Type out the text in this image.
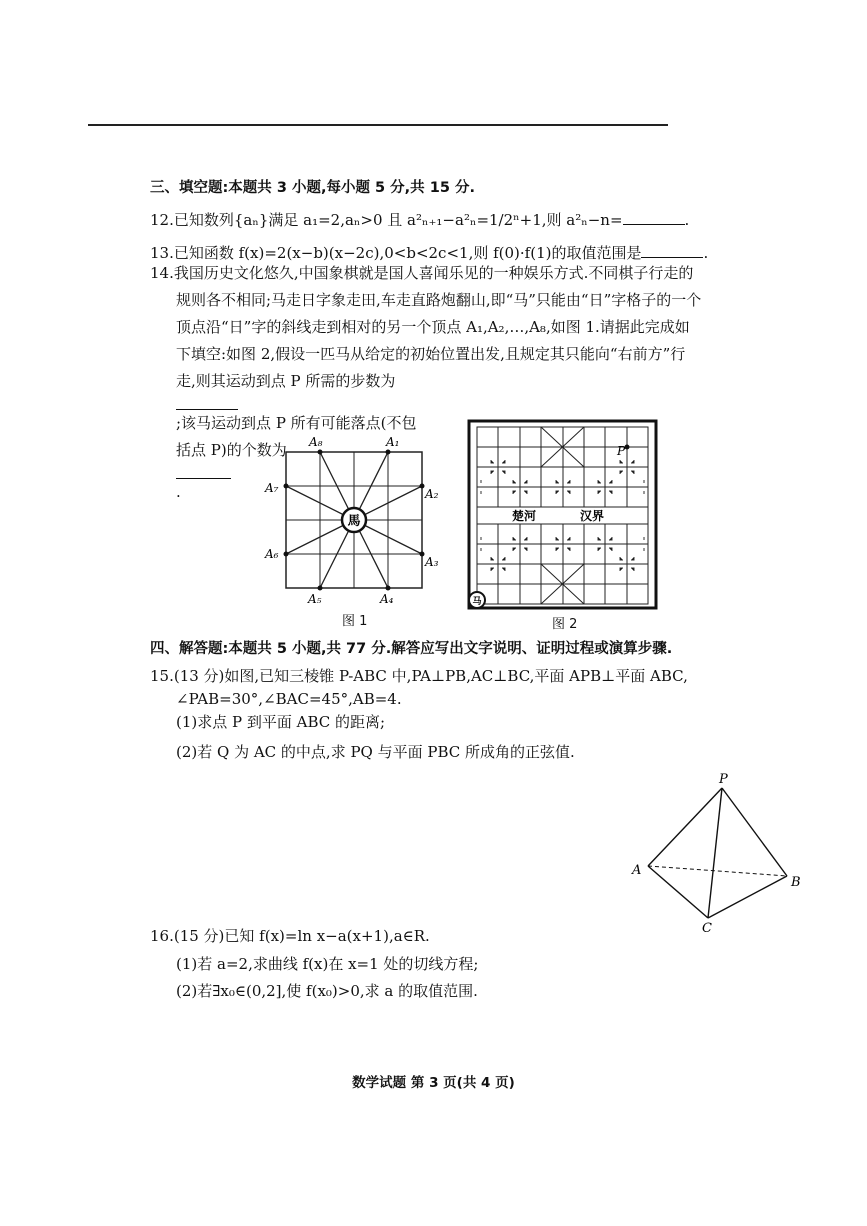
三、填空题:本题共 3 小题,每小题 5 分,共 15 分.
12.已知数列{aₙ}满足 a₁=2,aₙ>0 且 a²ₙ₊₁−a²ₙ=1/2ⁿ+1,则 a²ₙ−n=	.
13.已知函数 f(x)=2(x−b)(x−2c),0<b<2c<1,则 f(0)·f(1)的取值范围是	.
14.我国历史文化悠久,中国象棋就是国人喜闻乐见的一种娱乐方式.不同棋子行走的
规则各不相同;马走日字象走田,车走直路炮翻山,即“马”只能由“日”字格子的一个
顶点沿“日”字的斜线走到相对的另一个顶点 A₁,A₂,…,A₈,如图 1.请据此完成如
下填空:如图 2,假设一匹马从给定的初始位置出发,且规定其只能向“右前方”行
走,则其运动到点 P 所需的步数为
;该马运动到点 P 所有可能落点(不包
括点 P)的个数为
.
馬
A₁
A₂
A₃
A₄
A₅
A₆
A₇
A₈
图 1
楚河	汉界
P
马
图 2
四、解答题:本题共 5 小题,共 77 分.解答应写出文字说明、证明过程或演算步骤.
15.(13 分)如图,已知三棱锥 P-ABC 中,PA⊥PB,AC⊥BC,平面 APB⊥平面 ABC,
∠PAB=30°,∠BAC=45°,AB=4.
(1)求点 P 到平面 ABC 的距离;
(2)若 Q 为 AC 的中点,求 PQ 与平面 PBC 所成角的正弦值.
P
A
B
C
16.(15 分)已知 f(x)=ln x−a(x+1),a∈R.
(1)若 a=2,求曲线 f(x)在 x=1 处的切线方程;
(2)若∃x₀∈(0,2],使 f(x₀)>0,求 a 的取值范围.
数学试题 第 3 页(共 4 页)
